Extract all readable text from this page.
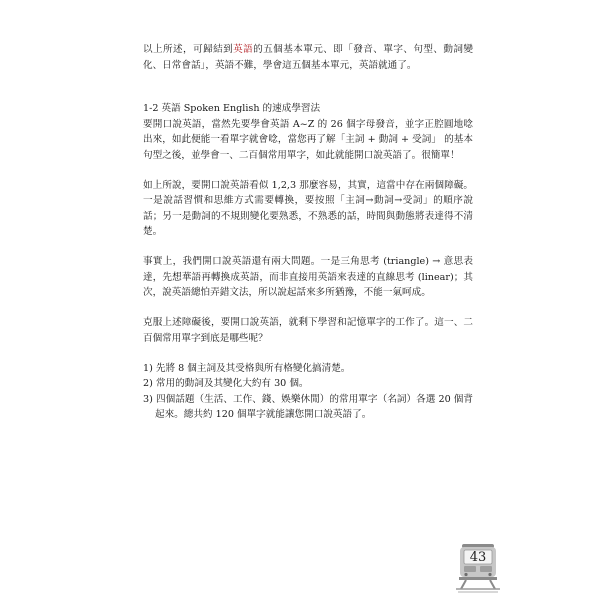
以上所述，可歸結到英語的五個基本單元、即「發音、單字、句型、動詞變化、日常會話」，英語不難，學會這五個基本單元，英語就通了。

1-2 英語 Spoken English 的速成學習法

要開口說英語，當然先要學會英語 A~Z 的 26 個字母發音，並字正腔圓地唸出來，如此便能一看單字就會唸，當您再了解「主詞 + 動詞 + 受詞」 的基本句型之後，並學會一、二百個常用單字，如此就能開口說英語了。很簡單！

如上所說，要開口說英語看似 1,2,3 那麼容易，其實，這當中存在兩個障礙。一是說話習慣和思維方式需要轉換，要按照「主詞→動詞→受詞」的順序說話；另一是動詞的不規則變化要熟悉，不熟悉的話，時間與動態將表達得不清楚。

事實上，我們開口說英語還有兩大問題。一是三角思考 (triangle) → 意思表達，先想華語再轉換成英語，而非直接用英語來表達的直線思考 (linear)；其次，說英語總怕弄錯文法，所以說起話來多所猶豫，不能一氣呵成。

克服上述障礙後，要開口說英語，就剩下學習和記憶單字的工作了。這一、二百個常用單字到底是哪些呢？

1) 先將 8 個主詞及其受格與所有格變化搞清楚。
2) 常用的動詞及其變化大約有 30 個。
3) 四個話題（生活、工作、錢、娛樂休閒）的常用單字（名詞）各選 20 個背起來。總共約 120 個單字就能讓您開口說英語了。
43
